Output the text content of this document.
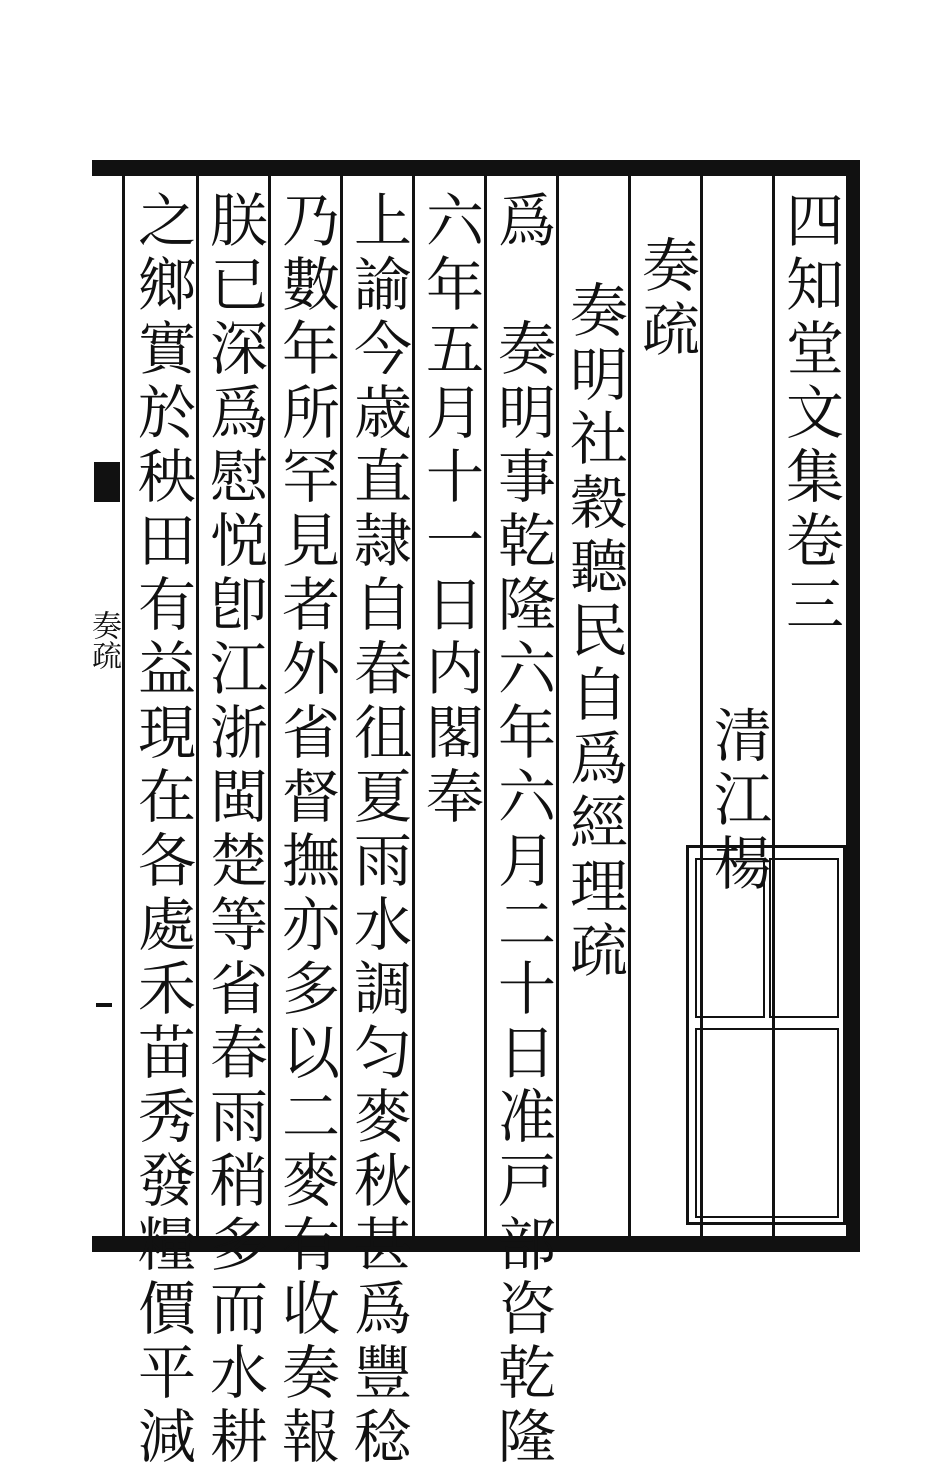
四知堂文集卷三
奏疏
清江楊
奏明社穀聽民自爲經理疏
爲　奏明事乾隆六年六月二十日准戸部咨乾隆
六年五月十一日内閣奉
上諭今歳直隷自春徂夏雨水調匀麥秋甚爲豐稔
乃數年所罕見者外省督撫亦多以二麥有收奏報
朕已深爲慰悦卽江浙閩楚等省春雨稍多而水耕
之鄉實於秧田有益現在各處禾苗秀發糧價平減
奏疏
